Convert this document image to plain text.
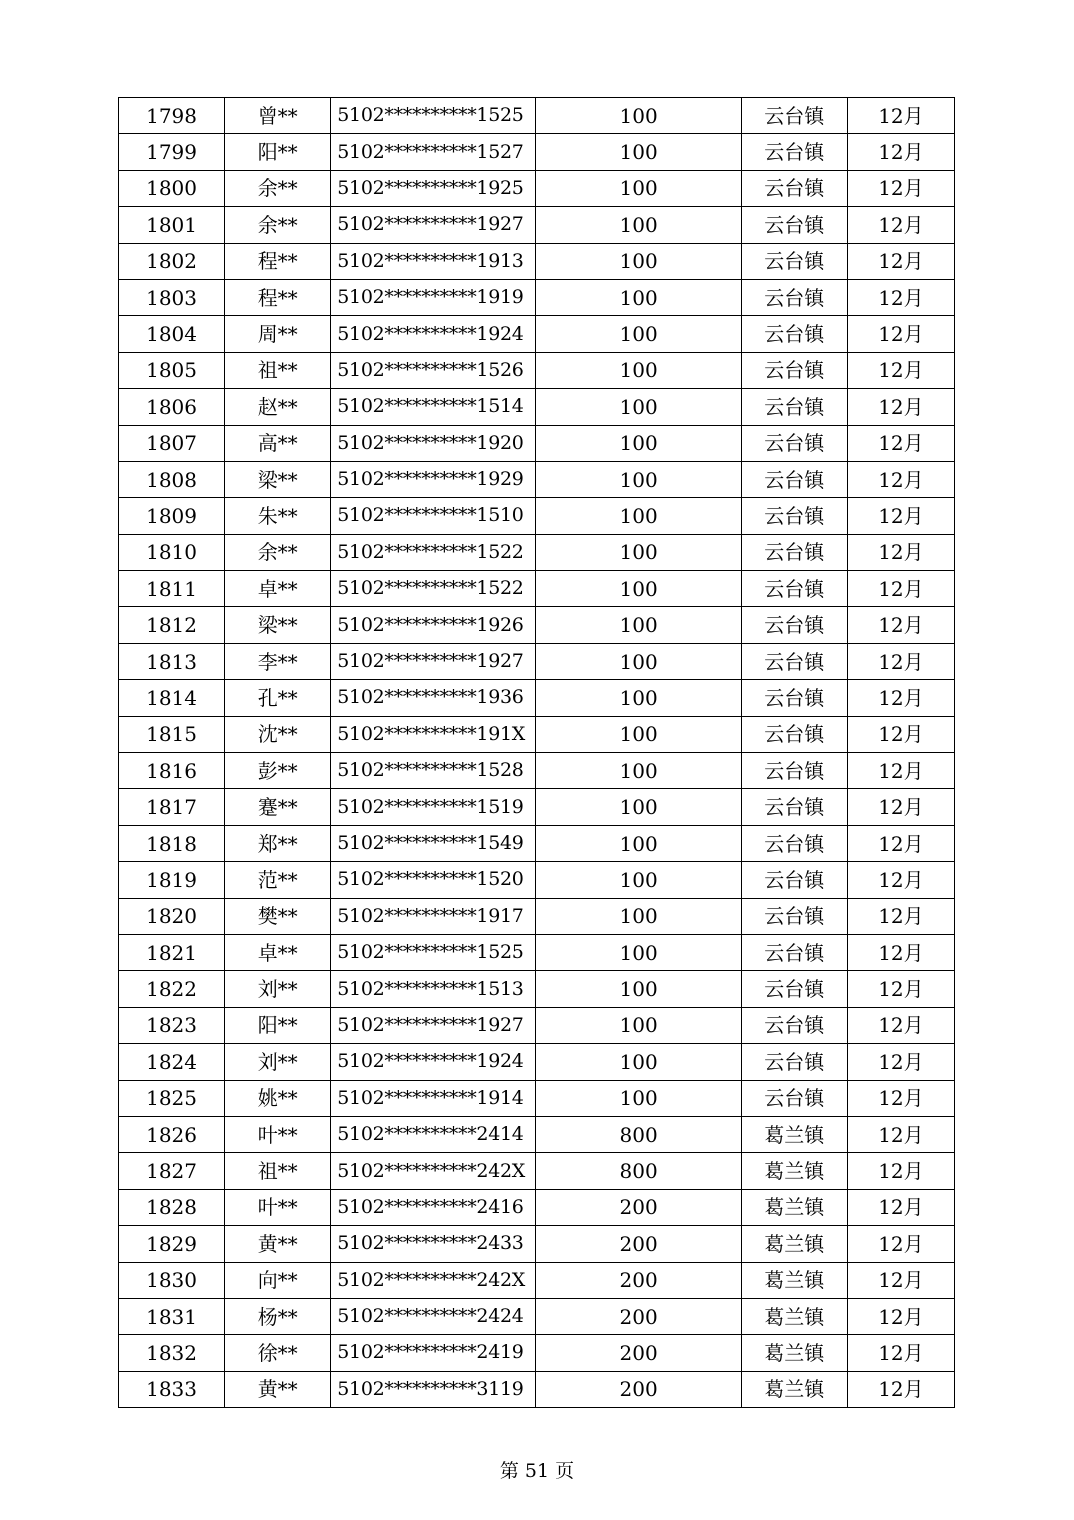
1798	曾**	5102**********1525	100	云台镇	12月
1799	阳**	5102**********1527	100	云台镇	12月
1800	余**	5102**********1925	100	云台镇	12月
1801	余**	5102**********1927	100	云台镇	12月
1802	程**	5102**********1913	100	云台镇	12月
1803	程**	5102**********1919	100	云台镇	12月
1804	周**	5102**********1924	100	云台镇	12月
1805	祖**	5102**********1526	100	云台镇	12月
1806	赵**	5102**********1514	100	云台镇	12月
1807	高**	5102**********1920	100	云台镇	12月
1808	梁**	5102**********1929	100	云台镇	12月
1809	朱**	5102**********1510	100	云台镇	12月
1810	余**	5102**********1522	100	云台镇	12月
1811	卓**	5102**********1522	100	云台镇	12月
1812	梁**	5102**********1926	100	云台镇	12月
1813	李**	5102**********1927	100	云台镇	12月
1814	孔**	5102**********1936	100	云台镇	12月
1815	沈**	5102**********191X	100	云台镇	12月
1816	彭**	5102**********1528	100	云台镇	12月
1817	蹇**	5102**********1519	100	云台镇	12月
1818	郑**	5102**********1549	100	云台镇	12月
1819	范**	5102**********1520	100	云台镇	12月
1820	樊**	5102**********1917	100	云台镇	12月
1821	卓**	5102**********1525	100	云台镇	12月
1822	刘**	5102**********1513	100	云台镇	12月
1823	阳**	5102**********1927	100	云台镇	12月
1824	刘**	5102**********1924	100	云台镇	12月
1825	姚**	5102**********1914	100	云台镇	12月
1826	叶**	5102**********2414	800	葛兰镇	12月
1827	祖**	5102**********242X	800	葛兰镇	12月
1828	叶**	5102**********2416	200	葛兰镇	12月
1829	黄**	5102**********2433	200	葛兰镇	12月
1830	向**	5102**********242X	200	葛兰镇	12月
1831	杨**	5102**********2424	200	葛兰镇	12月
1832	徐**	5102**********2419	200	葛兰镇	12月
1833	黄**	5102**********3119	200	葛兰镇	12月
第 51 页
